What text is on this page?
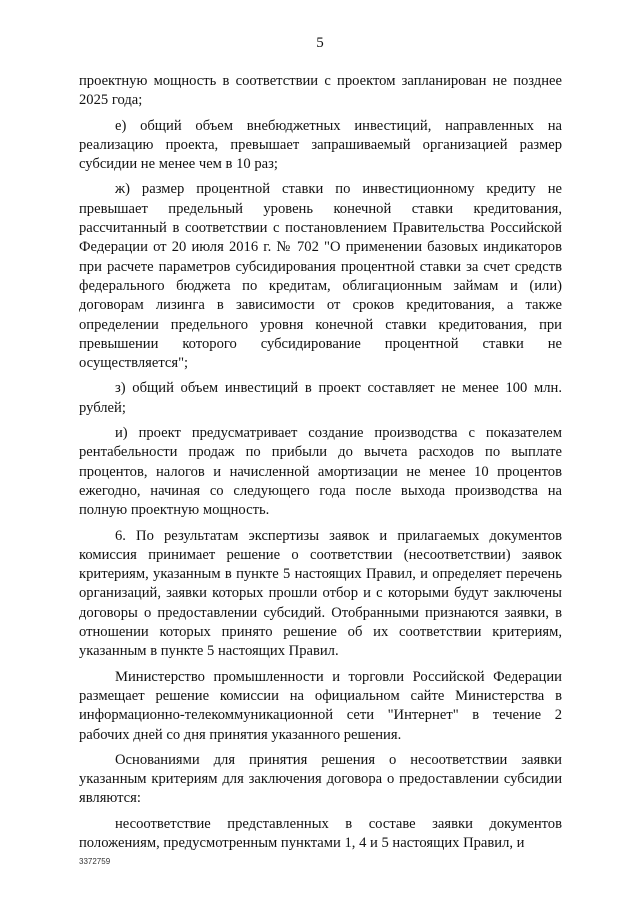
5

проектную мощность в соответствии с проектом запланирован не позднее 2025 года;

е) общий объем внебюджетных инвестиций, направленных на реализацию проекта, превышает запрашиваемый организацией размер субсидии не менее чем в 10 раз;

ж) размер процентной ставки по инвестиционному кредиту не превышает предельный уровень конечной ставки кредитования, рассчитанный в соответствии с постановлением Правительства Российской Федерации от 20 июля 2016 г. № 702 "О применении базовых индикаторов при расчете параметров субсидирования процентной ставки за счет средств федерального бюджета по кредитам, облигационным займам и (или) договорам лизинга в зависимости от сроков кредитования, а также определении предельного уровня конечной ставки кредитования, при превышении которого субсидирование процентной ставки не осуществляется";

з) общий объем инвестиций в проект составляет не менее 100 млн. рублей;

и) проект предусматривает создание производства с показателем рентабельности продаж по прибыли до вычета расходов по выплате процентов, налогов и начисленной амортизации не менее 10 процентов ежегодно, начиная со следующего года после выхода производства на полную проектную мощность.

6. По результатам экспертизы заявок и прилагаемых документов комиссия принимает решение о соответствии (несоответствии) заявок критериям, указанным в пункте 5 настоящих Правил, и определяет перечень организаций, заявки которых прошли отбор и с которыми будут заключены договоры о предоставлении субсидий. Отобранными признаются заявки, в отношении которых принято решение об их соответствии критериям, указанным в пункте 5 настоящих Правил.

Министерство промышленности и торговли Российской Федерации размещает решение комиссии на официальном сайте Министерства в информационно-телекоммуникационной сети "Интернет" в течение 2 рабочих дней со дня принятия указанного решения.

Основаниями для принятия решения о несоответствии заявки указанным критериям для заключения договора о предоставлении субсидии являются:

несоответствие представленных в составе заявки документов положениям, предусмотренным пунктами 1, 4 и 5 настоящих Правил, и

3372759
